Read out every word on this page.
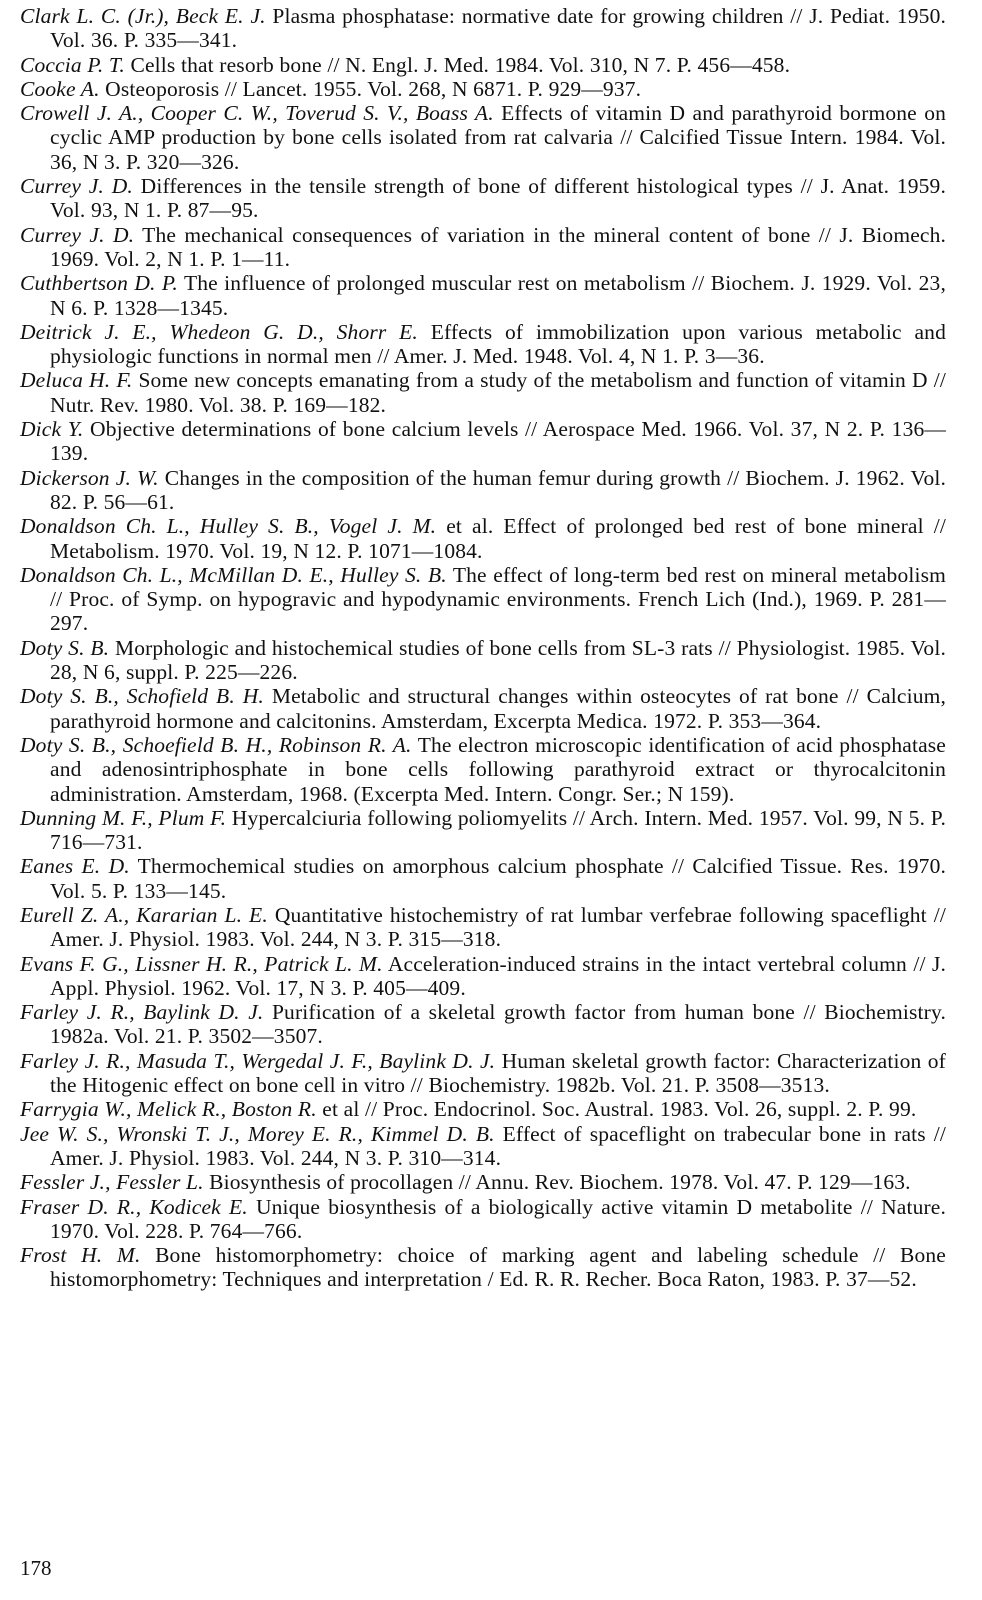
Clark L. C. (Jr.), Beck E. J. Plasma phosphatase: normative date for growing children // J. Pediat. 1950. Vol. 36. P. 335—341.
Coccia P. T. Cells that resorb bone // N. Engl. J. Med. 1984. Vol. 310, N 7. P. 456—458.
Cooke A. Osteoporosis // Lancet. 1955. Vol. 268, N 6871. P. 929—937.
Crowell J. A., Cooper C. W., Toverud S. V., Boass A. Effects of vitamin D and parathyroid bormone on cyclic AMP production by bone cells isolated from rat calvaria // Calcified Tissue Intern. 1984. Vol. 36, N 3. P. 320—326.
Currey J. D. Differences in the tensile strength of bone of different histological types // J. Anat. 1959. Vol. 93, N 1. P. 87—95.
Currey J. D. The mechanical consequences of variation in the mineral content of bone // J. Biomech. 1969. Vol. 2, N 1. P. 1—11.
Cuthbertson D. P. The influence of prolonged muscular rest on metabolism // Biochem. J. 1929. Vol. 23, N 6. P. 1328—1345.
Deitrick J. E., Whedeon G. D., Shorr E. Effects of immobilization upon various metabolic and physiologic functions in normal men // Amer. J. Med. 1948. Vol. 4, N 1. P. 3—36.
Deluca H. F. Some new concepts emanating from a study of the metabolism and function of vitamin D // Nutr. Rev. 1980. Vol. 38. P. 169—182.
Dick Y. Objective determinations of bone calcium levels // Aerospace Med. 1966. Vol. 37, N 2. P. 136—139.
Dickerson J. W. Changes in the composition of the human femur during growth // Biochem. J. 1962. Vol. 82. P. 56—61.
Donaldson Ch. L., Hulley S. B., Vogel J. M. et al. Effect of prolonged bed rest of bone mineral // Metabolism. 1970. Vol. 19, N 12. P. 1071—1084.
Donaldson Ch. L., McMillan D. E., Hulley S. B. The effect of long-term bed rest on mineral metabolism // Proc. of Symp. on hypogravic and hypodynamic environments. French Lich (Ind.), 1969. P. 281—297.
Doty S. B. Morphologic and histochemical studies of bone cells from SL-3 rats // Physiologist. 1985. Vol. 28, N 6, suppl. P. 225—226.
Doty S. B., Schofield B. H. Metabolic and structural changes within osteocytes of rat bone // Calcium, parathyroid hormone and calcitonins. Amsterdam, Excerpta Medica. 1972. P. 353—364.
Doty S. B., Schoefield B. H., Robinson R. A. The electron microscopic identification of acid phosphatase and adenosintriphosphate in bone cells following parathyroid extract or thyrocalcitonin administration. Amsterdam, 1968. (Excerpta Med. Intern. Congr. Ser.; N 159).
Dunning M. F., Plum F. Hypercalciuria following poliomyelits // Arch. Intern. Med. 1957. Vol. 99, N 5. P. 716—731.
Eanes E. D. Thermochemical studies on amorphous calcium phosphate // Calcified Tissue. Res. 1970. Vol. 5. P. 133—145.
Eurell Z. A., Kararian L. E. Quantitative histochemistry of rat lumbar verfebrae following spaceflight // Amer. J. Physiol. 1983. Vol. 244, N 3. P. 315—318.
Evans F. G., Lissner H. R., Patrick L. M. Acceleration-induced strains in the intact vertebral column // J. Appl. Physiol. 1962. Vol. 17, N 3. P. 405—409.
Farley J. R., Baylink D. J. Purification of a skeletal growth factor from human bone // Biochemistry. 1982a. Vol. 21. P. 3502—3507.
Farley J. R., Masuda T., Wergedal J. F., Baylink D. J. Human skeletal growth factor: Characterization of the Hitogenic effect on bone cell in vitro // Biochemistry. 1982b. Vol. 21. P. 3508—3513.
Farrygia W., Melick R., Boston R. et al // Proc. Endocrinol. Soc. Austral. 1983. Vol. 26, suppl. 2. P. 99.
Jee W. S., Wronski T. J., Morey E. R., Kimmel D. B. Effect of spaceflight on trabecular bone in rats // Amer. J. Physiol. 1983. Vol. 244, N 3. P. 310—314.
Fessler J., Fessler L. Biosynthesis of procollagen // Annu. Rev. Biochem. 1978. Vol. 47. P. 129—163.
Fraser D. R., Kodicek E. Unique biosynthesis of a biologically active vitamin D metabolite // Nature. 1970. Vol. 228. P. 764—766.
Frost H. M. Bone histomorphometry: choice of marking agent and labeling schedule // Bone histomorphometry: Techniques and interpretation / Ed. R. R. Recher. Boca Raton, 1983. P. 37—52.
178
